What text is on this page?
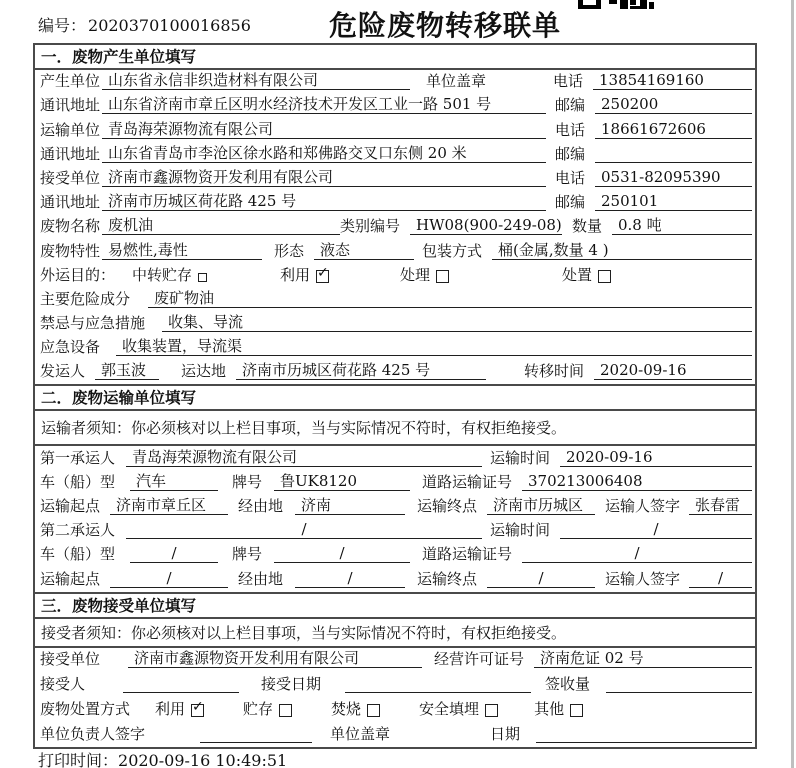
编号： 2020370100016856	危险废物转移联单
一．废物产生单位填写
产生单位 山东省永信非织造材料有限公司	单位盖章	电话	13854169160
通讯地址 山东省济南市章丘区明水经济技术开发区工业一路 501 号	邮编	250200
运输单位 青岛海荣源物流有限公司	电话	18661672606
通讯地址 山东省青岛市李沧区徐水路和郑佛路交叉口东侧 20 米	邮编
接受单位 济南市鑫源物资开发利用有限公司	电话	0531-82095390
通讯地址 济南市历城区荷花路 425 号	邮编	250101
废物名称 废机油	类别编号	HW08(900-249-08) 数量	0.8 吨
废物特性 易燃性,毒性	形态	液态	包装方式	桶(金属,数量 4 )
外运目的：	中转贮存	利用 ✓	处理	处置
主要危险成分	废矿物油
禁忌与应急措施	收集、导流
应急设备	收集装置，导流渠
发运人	郭玉波	运达地	济南市历城区荷花路 425 号	转移时间	2020-09-16
二．废物运输单位填写
运输者须知：你必须核对以上栏目事项，当与实际情况不符时，有权拒绝接受。
第一承运人	青岛海荣源物流有限公司	运输时间	2020-09-16
车（船）型	汽车	牌号	鲁UK8120	道路运输证号	370213006408
运输起点	济南市章丘区	经由地	济南	运输终点	济南市历城区	运输人签字 张春雷
第二承运人	/	运输时间	/
车（船）型	/	牌号	/	道路运输证号	/
运输起点	/	经由地	/	运输终点	/	运输人签字	/
三．废物接受单位填写
接受者须知：你必须核对以上栏目事项，当与实际情况不符时，有权拒绝接受。
接受单位	济南市鑫源物资开发利用有限公司	经营许可证号	济南危证 02 号
接受人	接受日期	签收量
废物处置方式 利用 ✓	贮存	焚烧	安全填埋	其他
单位负责人签字	单位盖章	日期
打印时间：2020-09-16 10:49:51
